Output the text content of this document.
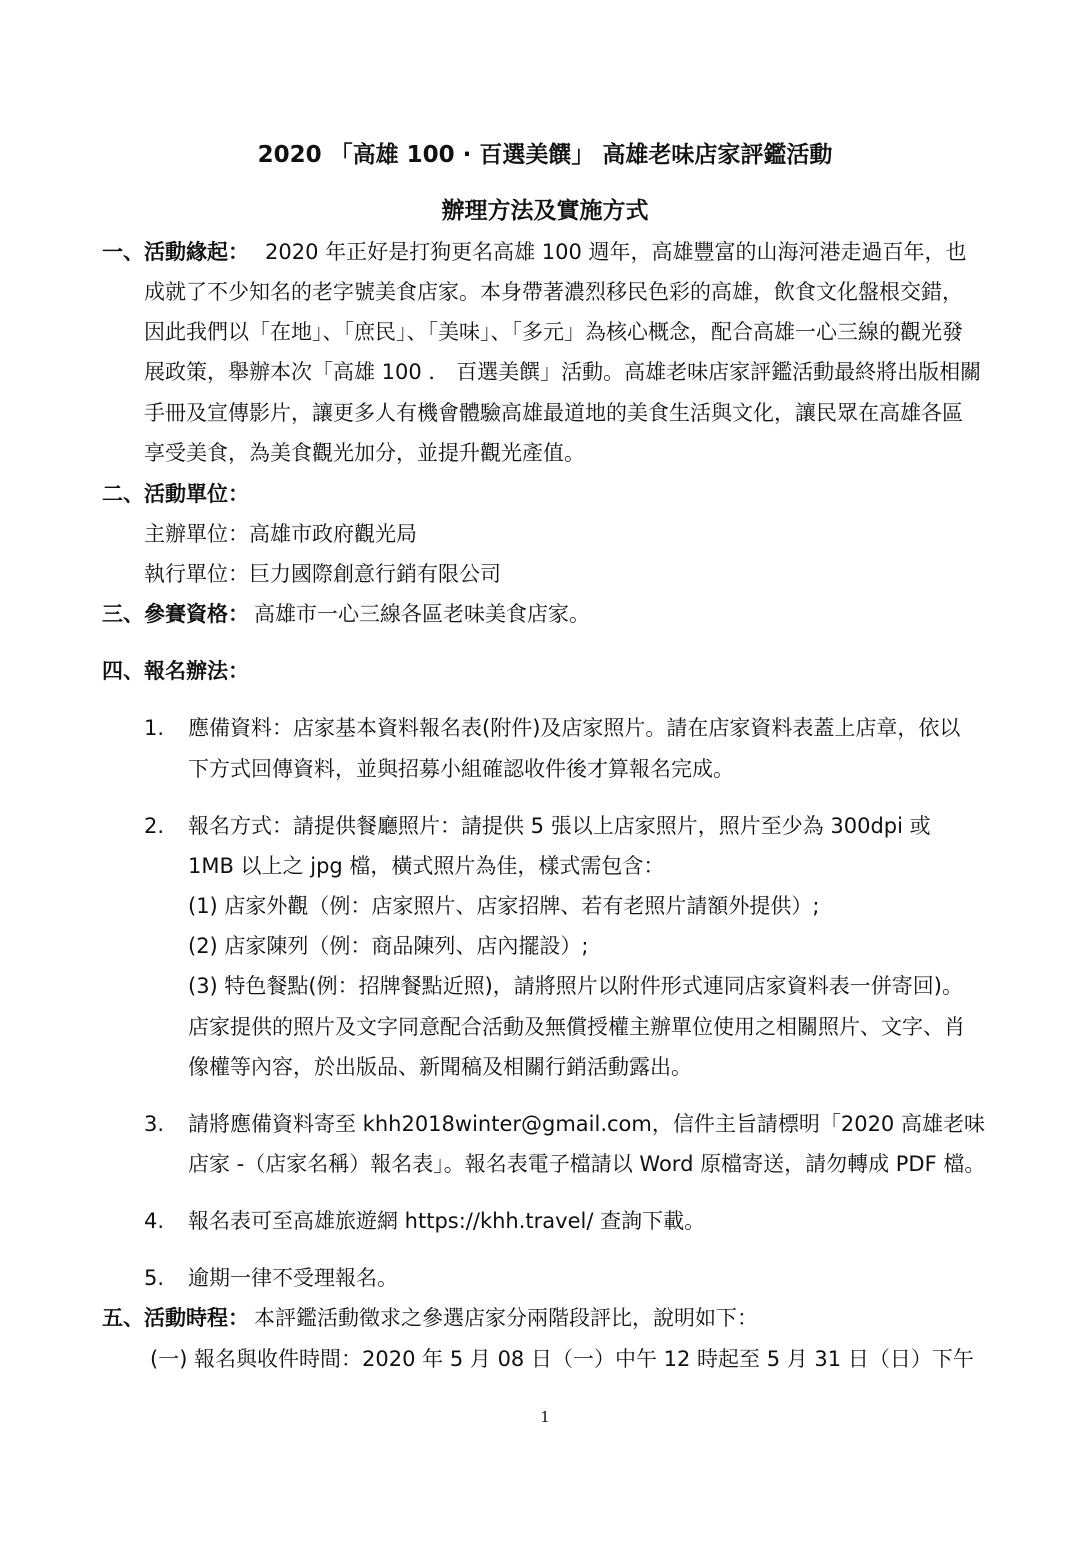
2020 「高雄 100 · 百選美饌」 高雄老味店家評鑑活動
辦理方法及實施方式
一、活動緣起： 2020 年正好是打狗更名高雄 100 週年，高雄豐富的山海河港走過百年，也
成就了不少知名的老字號美食店家。本身帶著濃烈移民色彩的高雄，飲食文化盤根交錯，
因此我們以「在地」、「庶民」、「美味」、「多元」為核心概念，配合高雄一心三線的觀光發
展政策，舉辦本次「高雄 100 ． 百選美饌」活動。高雄老味店家評鑑活動最終將出版相關
手冊及宣傳影片，讓更多人有機會體驗高雄最道地的美食生活與文化，讓民眾在高雄各區
享受美食，為美食觀光加分，並提升觀光產值。
二、活動單位：
主辦單位：高雄市政府觀光局
執行單位：巨力國際創意行銷有限公司
三、參賽資格： 高雄市一心三線各區老味美食店家。
四、報名辦法：
1. 應備資料：店家基本資料報名表(附件)及店家照片。請在店家資料表蓋上店章，依以
下方式回傳資料，並與招募小組確認收件後才算報名完成。
2. 報名方式：請提供餐廳照片：請提供 5 張以上店家照片，照片至少為 300dpi 或
1MB 以上之 jpg 檔，橫式照片為佳，樣式需包含：
(1) 店家外觀（例：店家照片、店家招牌、若有老照片請額外提供）;
(2) 店家陳列（例：商品陳列、店內擺設）;
(3) 特色餐點(例：招牌餐點近照)，請將照片以附件形式連同店家資料表一併寄回)。
店家提供的照片及文字同意配合活動及無償授權主辦單位使用之相關照片、文字、肖
像權等內容，於出版品、新聞稿及相關行銷活動露出。
3. 請將應備資料寄至 khh2018winter@gmail.com，信件主旨請標明「2020 高雄老味
店家 -（店家名稱）報名表」。報名表電子檔請以 Word 原檔寄送，請勿轉成 PDF 檔。
4. 報名表可至高雄旅遊網 https://khh.travel/ 查詢下載。
5. 逾期一律不受理報名。
五、活動時程： 本評鑑活動徵求之參選店家分兩階段評比，說明如下：
(一) 報名與收件時間：2020 年 5 月 08 日（一）中午 12 時起至 5 月 31 日（日）下午
1
